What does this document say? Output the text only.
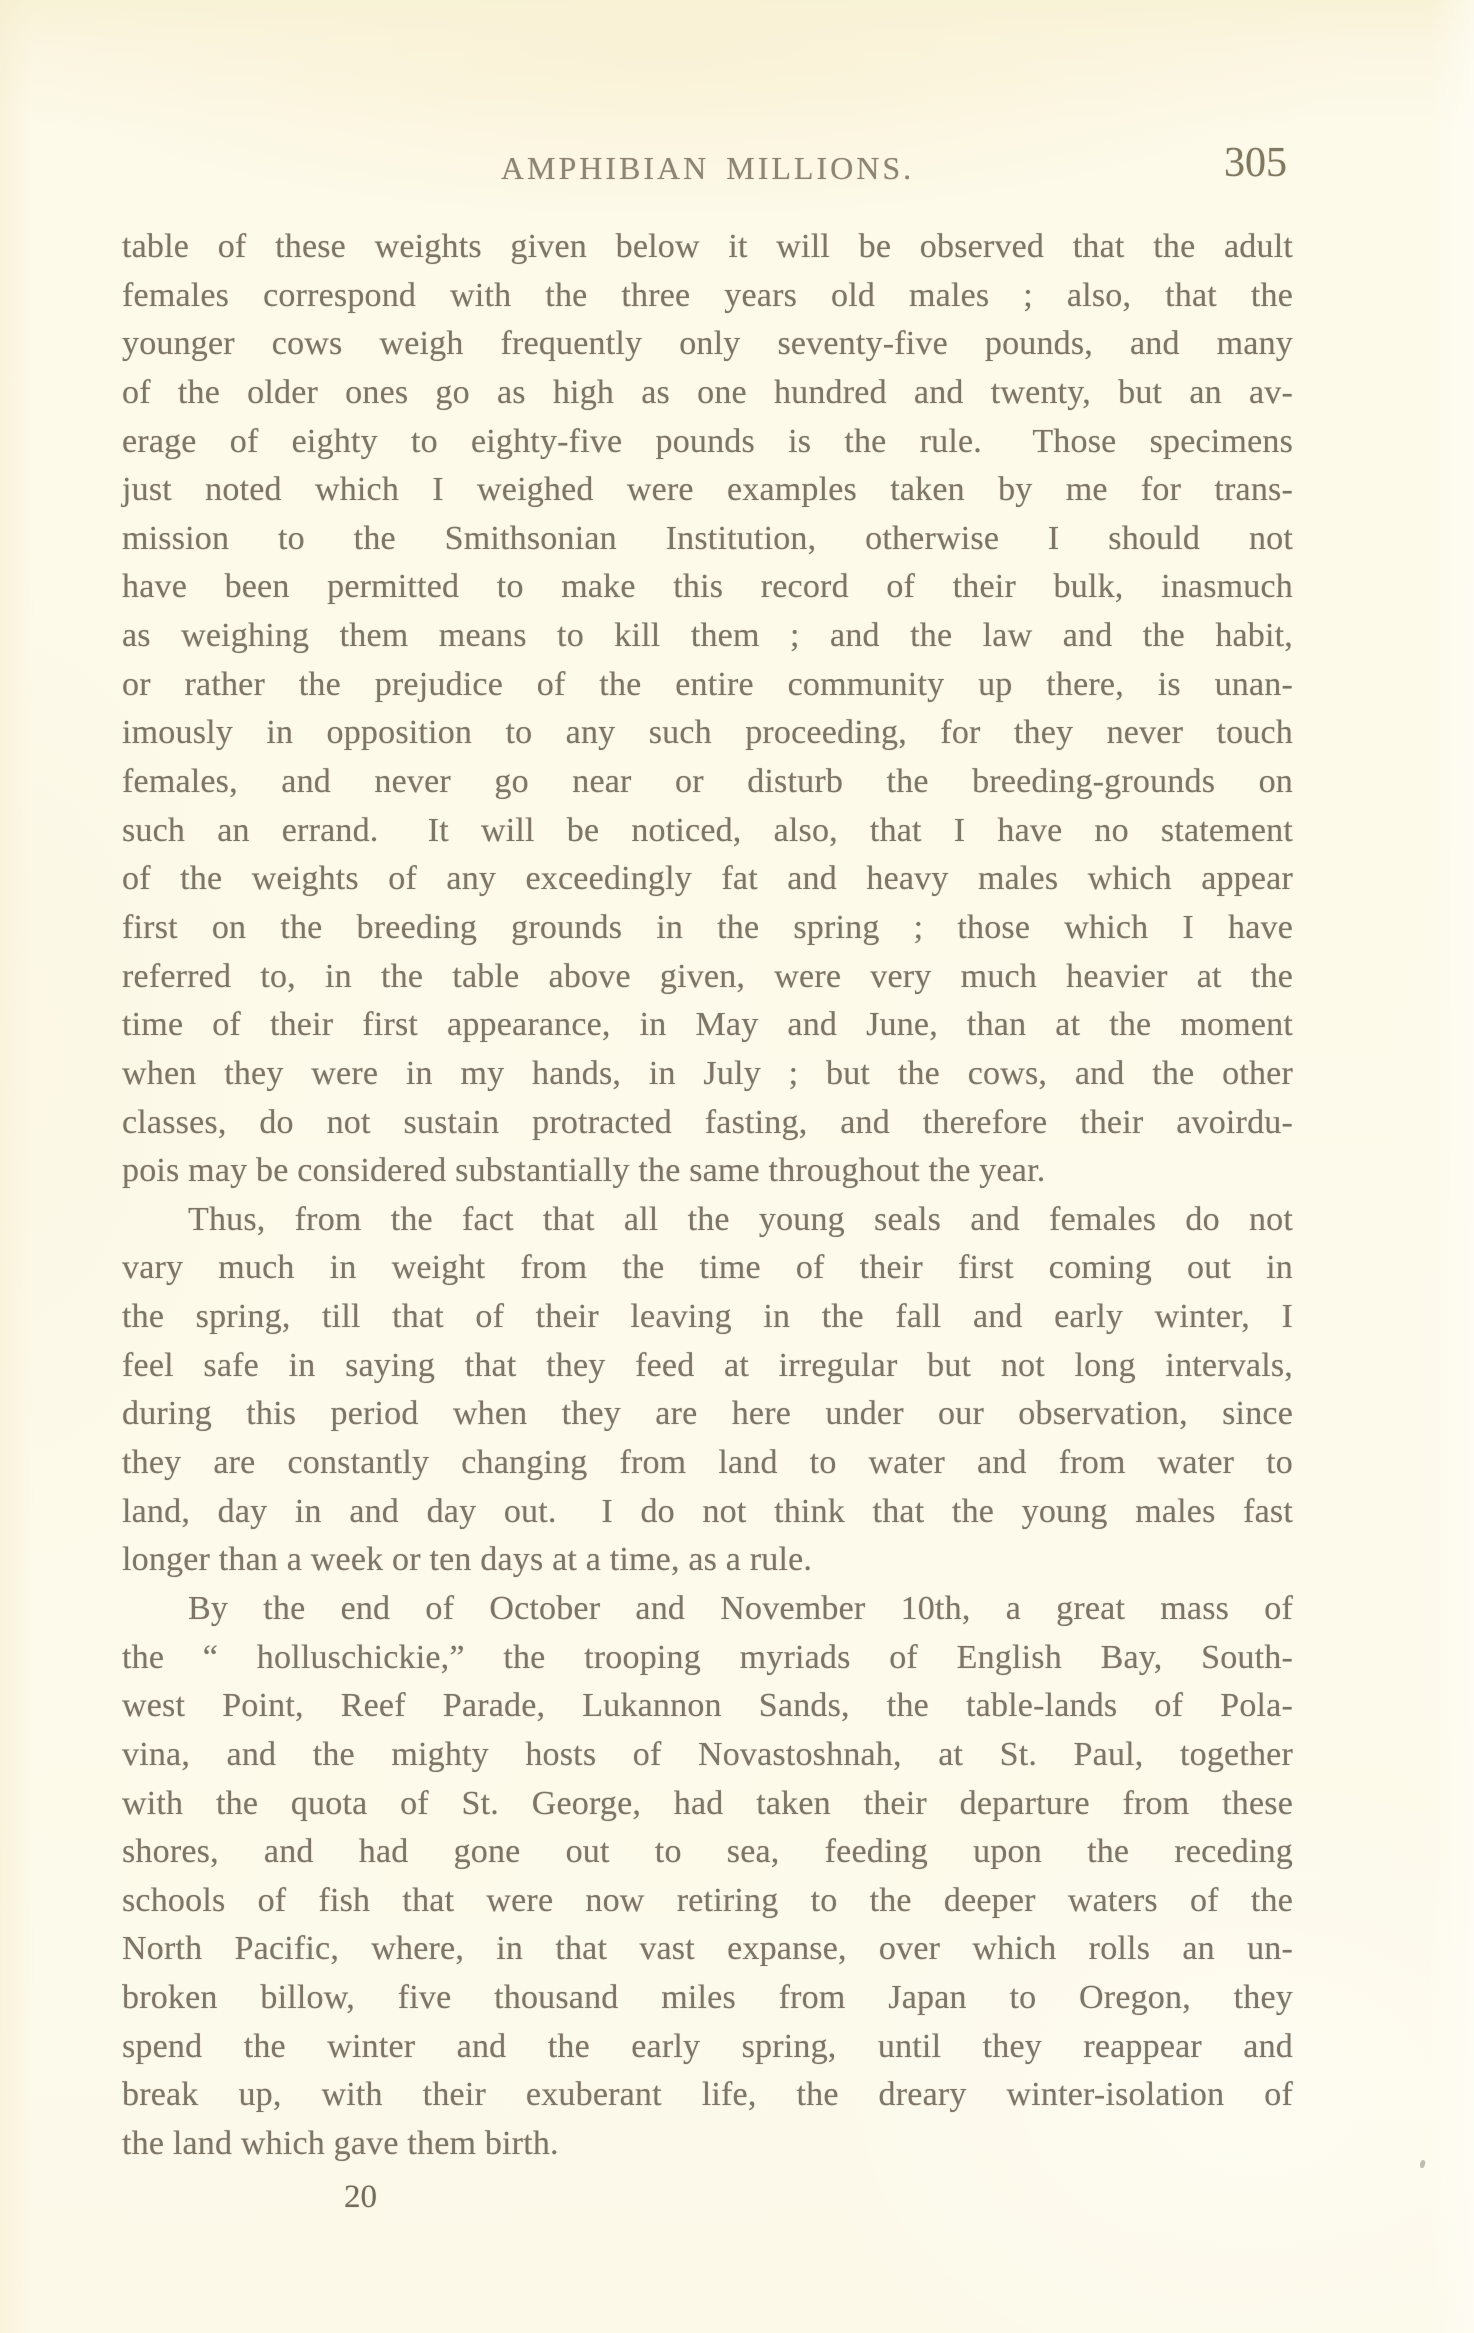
AMPHIBIAN MILLIONS.	305
table of these weights given below it will be observed that the adult
females correspond with the three years old males ; also, that the
younger cows weigh frequently only seventy-five pounds, and many
of the older ones go as high as one hundred and twenty, but an av-
erage of eighty to eighty-five pounds is the rule.  Those specimens
just noted which I weighed were examples taken by me for trans-
mission to the Smithsonian Institution, otherwise I should not
have been permitted to make this record of their bulk, inasmuch
as weighing them means to kill them ; and the law and the habit,
or rather the prejudice of the entire community up there, is unan-
imously in opposition to any such proceeding, for they never touch
females, and never go near or disturb the breeding-grounds on
such an errand.  It will be noticed, also, that I have no statement
of the weights of any exceedingly fat and heavy males which appear
first on the breeding grounds in the spring ; those which I have
referred to, in the table above given, were very much heavier at the
time of their first appearance, in May and June, than at the moment
when they were in my hands, in July ; but the cows, and the other
classes, do not sustain protracted fasting, and therefore their avoirdu-
pois may be considered substantially the same throughout the year.
Thus, from the fact that all the young seals and females do not
vary much in weight from the time of their first coming out in
the spring, till that of their leaving in the fall and early winter, I
feel safe in saying that they feed at irregular but not long intervals,
during this period when they are here under our observation, since
they are constantly changing from land to water and from water to
land, day in and day out.  I do not think that the young males fast
longer than a week or ten days at a time, as a rule.
By the end of October and November 10th, a great mass of
the “ holluschickie,” the trooping myriads of English Bay, South-
west Point, Reef Parade, Lukannon Sands, the table-lands of Pola-
vina, and the mighty hosts of Novastoshnah, at St. Paul, together
with the quota of St. George, had taken their departure from these
shores, and had gone out to sea, feeding upon the receding
schools of fish that were now retiring to the deeper waters of the
North Pacific, where, in that vast expanse, over which rolls an un-
broken billow, five thousand miles from Japan to Oregon, they
spend the winter and the early spring, until they reappear and
break up, with their exuberant life, the dreary winter-isolation of
the land which gave them birth.
20
